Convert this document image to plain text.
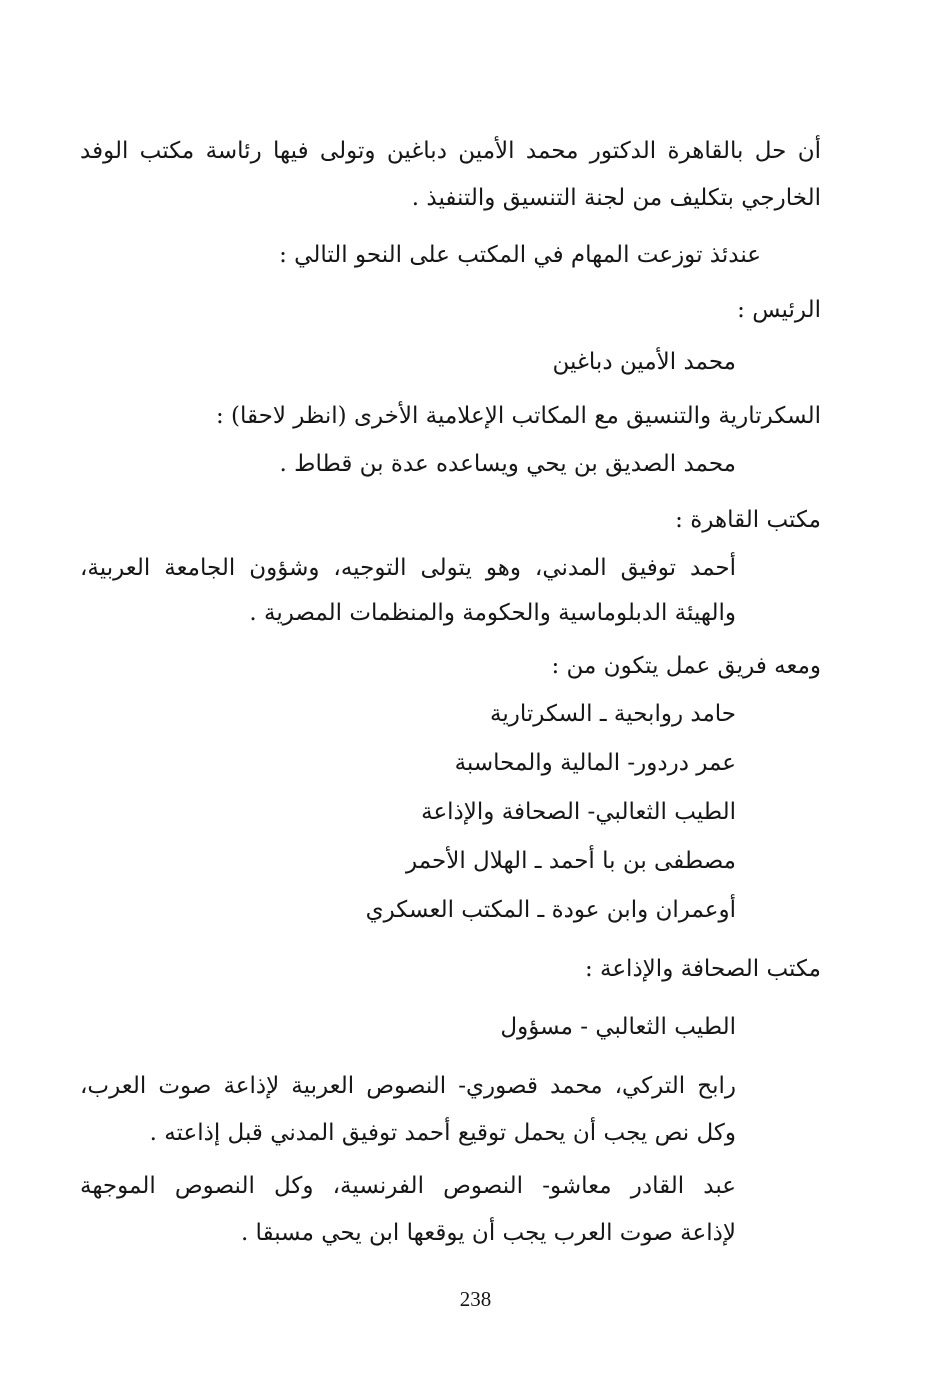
أن حل بالقاهرة الدكتور محمد الأمين دباغين وتولى فيها رئاسة مكتب الوفد
الخارجي بتكليف من لجنة التنسيق والتنفيذ .
عندئذ توزعت المهام في المكتب على النحو التالي :
الرئيس :
محمد الأمين دباغين
السكرتارية والتنسيق مع المكاتب الإعلامية الأخرى (انظر لاحقا) :
محمد الصديق بن يحي ويساعده عدة بن قطاط .
مكتب القاهرة :
أحمد توفيق المدني، وهو يتولى التوجيه، وشؤون الجامعة العربية،
والهيئة الدبلوماسية والحكومة والمنظمات المصرية .
ومعه فريق عمل يتكون من :
حامد روابحية ـ السكرتارية
عمر دردور- المالية والمحاسبة
الطيب الثعالبي- الصحافة والإذاعة
مصطفى بن با أحمد ـ الهلال الأحمر
أوعمران وابن عودة ـ المكتب العسكري
مكتب الصحافة والإذاعة :
الطيب الثعالبي - مسؤول
رابح التركي، محمد قصوري- النصوص العربية لإذاعة صوت العرب،
وكل نص يجب أن يحمل توقيع أحمد توفيق المدني قبل إذاعته .
عبد القادر معاشو- النصوص الفرنسية، وكل النصوص الموجهة
لإذاعة صوت العرب يجب أن يوقعها ابن يحي مسبقا .
238
